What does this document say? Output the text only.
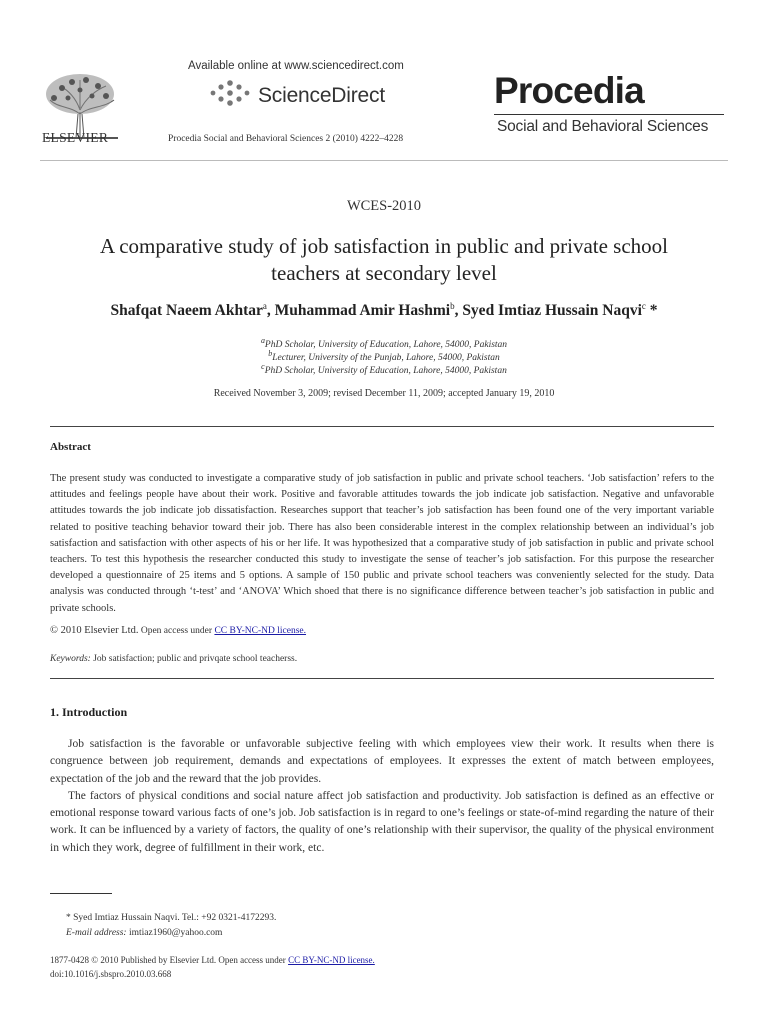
ELSEVIER
Available online at www.sciencedirect.com
ScienceDirect
Procedia Social and Behavioral Sciences 2 (2010) 4222–4228
Procedia
Social and Behavioral Sciences
WCES-2010
A comparative study of job satisfaction in public and private school
teachers at secondary level
Shafqat Naeem Akhtar$^a$, Muhammad Amir Hashmi$^b$, Syed Imtiaz Hussain Naqvi$^c$ *
$^a$PhD Scholar, University of Education, Lahore, 54000, Pakistan
$^b$Lecturer, University of the Punjab, Lahore, 54000, Pakistan
$^c$PhD Scholar, University of Education, Lahore, 54000, Pakistan
Received November 3, 2009; revised December 11, 2009; accepted January 19, 2010
Abstract
The present study was conducted to investigate a comparative study of job satisfaction in public and private school teachers. ‘Job satisfaction’ refers to the attitudes and feelings people have about their work. Positive and favorable attitudes towards the job indicate job satisfaction. Negative and unfavorable attitudes towards the job indicate job dissatisfaction. Researches support that teacher’s job satisfaction has been found one of the very important variable related to positive teaching behavior toward their job. There has also been considerable interest in the complex relationship between an individual’s job satisfaction and satisfaction with other aspects of his or her life. It was hypothesized that a comparative study of job satisfaction in public and private school teachers. To test this hypothesis the researcher conducted this study to investigate the sense of teacher’s job satisfaction. For this purpose the researcher developed a questionnaire of 25 items and 5 options. A sample of 150 public and private school teachers was conveniently selected for the study. Data analysis was conducted through ‘t-test’ and ‘ANOVA’ Which shoed that there is no significance difference between teacher’s job satisfaction in public and private schools.
© 2010 Elsevier Ltd. Open access under CC BY-NC-ND license.
Keywords: Job satisfaction; public and privqate school teacherss.
1. Introduction

Job satisfaction is the favorable or unfavorable subjective feeling with which employees view their work. It results when there is congruence between job requirement, demands and expectations of employees. It expresses the extent of match between employees, expectation of the job and the reward that the job provides.

The factors of physical conditions and social nature affect job satisfaction and productivity. Job satisfaction is defined as an effective or emotional response toward various facts of one’s job. Job satisfaction is in regard to one’s feelings or state-of-mind regarding the nature of their work. It can be influenced by a variety of factors, the quality of one’s relationship with their supervisor, the quality of the physical environment in which they work, degree of fulfillment in their work, etc.

* Syed Imtiaz Hussain Naqvi. Tel.: +92 0321-4172293.
E-mail address: imtiaz1960@yahoo.com
1877-0428 © 2010 Published by Elsevier Ltd. Open access under CC BY-NC-ND license.
doi:10.1016/j.sbspro.2010.03.668
